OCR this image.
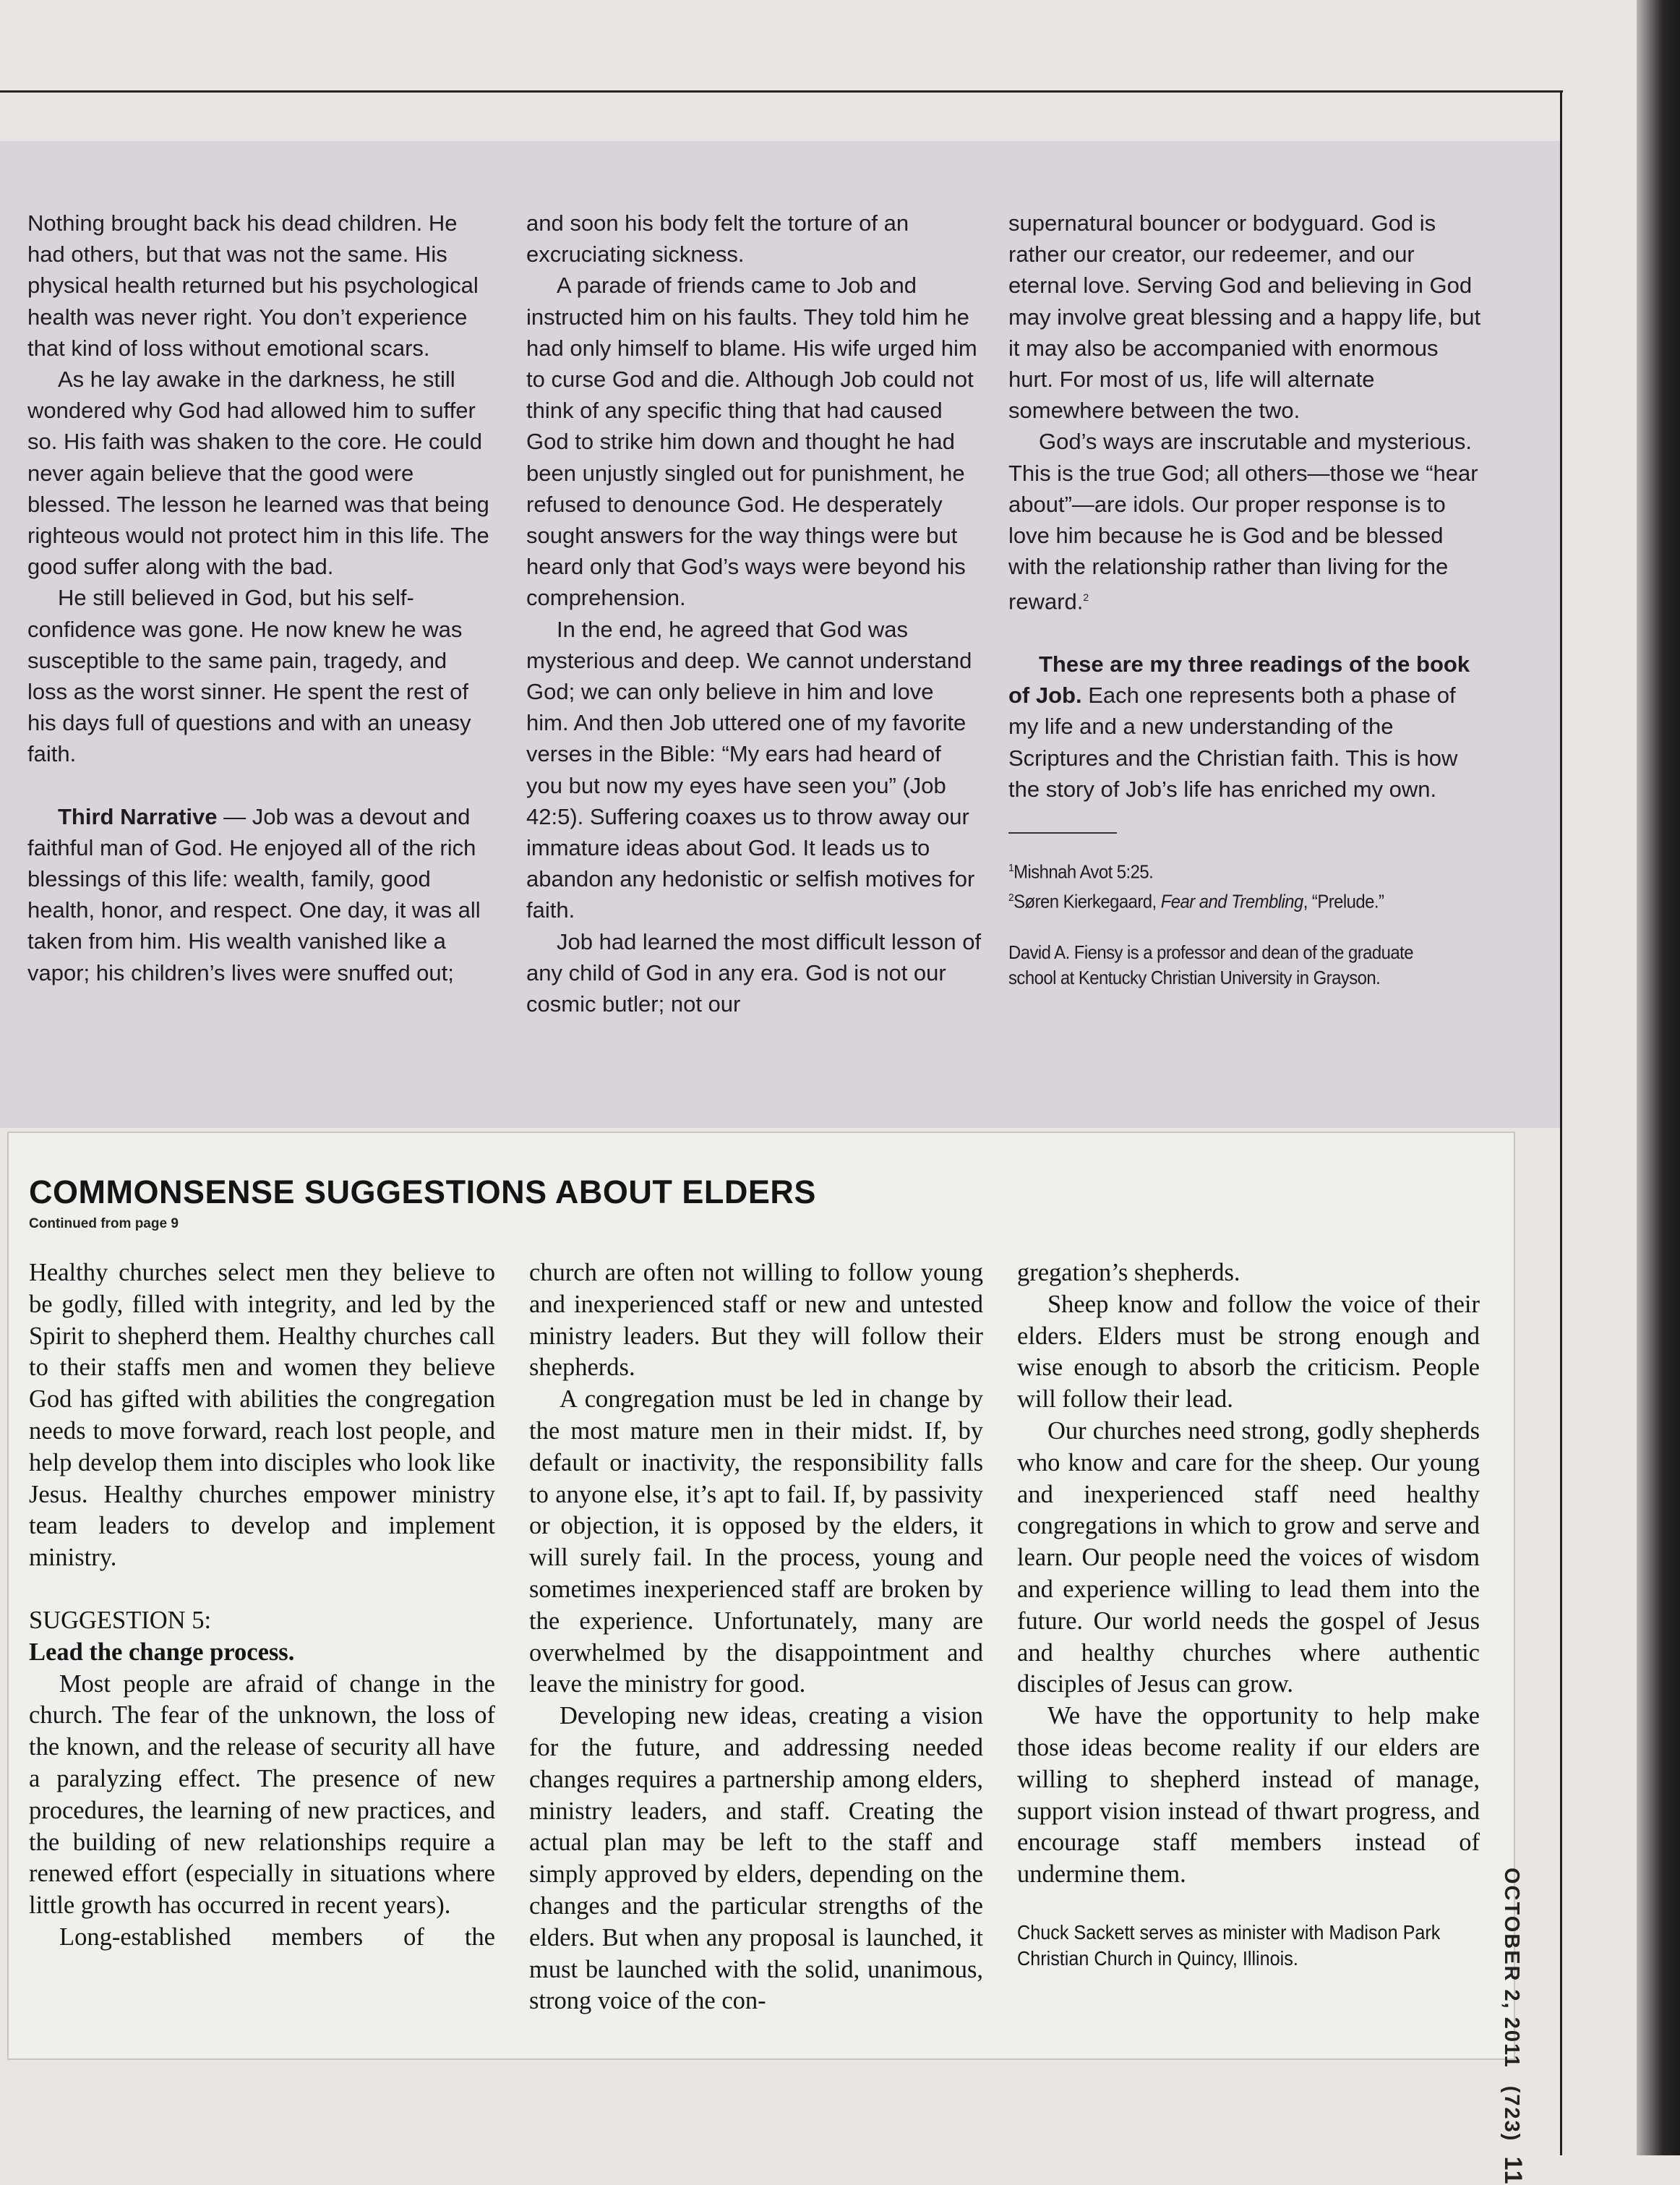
Nothing brought back his dead children. He had others, but that was not the same. His physical health returned but his psychological health was never right. You don’t experience that kind of loss without emotional scars.

As he lay awake in the darkness, he still wondered why God had allowed him to suffer so. His faith was shaken to the core. He could never again believe that the good were blessed. The lesson he learned was that being righteous would not protect him in this life. The good suffer along with the bad.

He still believed in God, but his self-confidence was gone. He now knew he was susceptible to the same pain, tragedy, and loss as the worst sinner. He spent the rest of his days full of questions and with an uneasy faith.

Third Narrative — Job was a devout and faithful man of God. He enjoyed all of the rich blessings of this life: wealth, family, good health, honor, and respect. One day, it was all taken from him. His wealth vanished like a vapor; his children’s lives were snuffed out;

and soon his body felt the torture of an excruciating sickness.

A parade of friends came to Job and instructed him on his faults. They told him he had only himself to blame. His wife urged him to curse God and die. Although Job could not think of any specific thing that had caused God to strike him down and thought he had been unjustly singled out for punishment, he refused to denounce God. He desperately sought answers for the way things were but heard only that God’s ways were beyond his comprehension.

In the end, he agreed that God was mysterious and deep. We cannot understand God; we can only believe in him and love him. And then Job uttered one of my favorite verses in the Bible: “My ears had heard of you but now my eyes have seen you” (Job 42:5). Suffering coaxes us to throw away our immature ideas about God. It leads us to abandon any hedonistic or selfish motives for faith.

Job had learned the most difficult lesson of any child of God in any era. God is not our cosmic butler; not our

supernatural bouncer or bodyguard. God is rather our creator, our redeemer, and our eternal love. Serving God and believing in God may involve great blessing and a happy life, but it may also be accompanied with enormous hurt. For most of us, life will alternate somewhere between the two.

God’s ways are inscrutable and mysterious. This is the true God; all others—those we “hear about”—are idols. Our proper response is to love him because he is God and be blessed with the relationship rather than living for the reward.$^2$

These are my three readings of the book of Job. Each one represents both a phase of my life and a new understanding of the Scriptures and the Christian faith. This is how the story of Job’s life has enriched my own.

$^1$Mishnah Avot 5:25.
$^2$Søren Kierkegaard, Fear and Trembling, “Prelude.”
David A. Fiensy is a professor and dean of the graduate school at Kentucky Christian University in Grayson.
COMMONSENSE SUGGESTIONS ABOUT ELDERS
Continued from page 9

Healthy churches select men they believe to be godly, filled with integrity, and led by the Spirit to shepherd them. Healthy churches call to their staffs men and women they believe God has gifted with abilities the congregation needs to move forward, reach lost people, and help develop them into disciples who look like Jesus. Healthy churches empower ministry team leaders to develop and implement ministry.

SUGGESTION 5:

Lead the change process.

Most people are afraid of change in the church. The fear of the unknown, the loss of the known, and the release of security all have a paralyzing effect. The presence of new procedures, the learning of new practices, and the building of new relationships require a renewed effort (especially in situations where little growth has occurred in recent years).

Long-established members of the

church are often not willing to follow young and inexperienced staff or new and untested ministry leaders. But they will follow their shepherds.

A congregation must be led in change by the most mature men in their midst. If, by default or inactivity, the responsibility falls to anyone else, it’s apt to fail. If, by passivity or objection, it is opposed by the elders, it will surely fail. In the process, young and sometimes inexperienced staff are broken by the experience. Unfortunately, many are overwhelmed by the disappointment and leave the ministry for good.

Developing new ideas, creating a vision for the future, and addressing needed changes requires a partnership among elders, ministry leaders, and staff. Creating the actual plan may be left to the staff and simply approved by elders, depending on the changes and the particular strengths of the elders. But when any proposal is launched, it must be launched with the solid, unanimous, strong voice of the con-

gregation’s shepherds.

Sheep know and follow the voice of their elders. Elders must be strong enough and wise enough to absorb the criticism. People will follow their lead.

Our churches need strong, godly shepherds who know and care for the sheep. Our young and inexperienced staff need healthy congregations in which to grow and serve and learn. Our people need the voices of wisdom and experience willing to lead them into the future. Our world needs the gospel of Jesus and healthy churches where authentic disciples of Jesus can grow.

We have the opportunity to help make those ideas become reality if our elders are willing to shepherd instead of manage, support vision instead of thwart progress, and encourage staff members instead of undermine them.

Chuck Sackett serves as minister with Madison Park Christian Church in Quincy, Illinois.	OCTOBER 2, 2011 (723) 11
